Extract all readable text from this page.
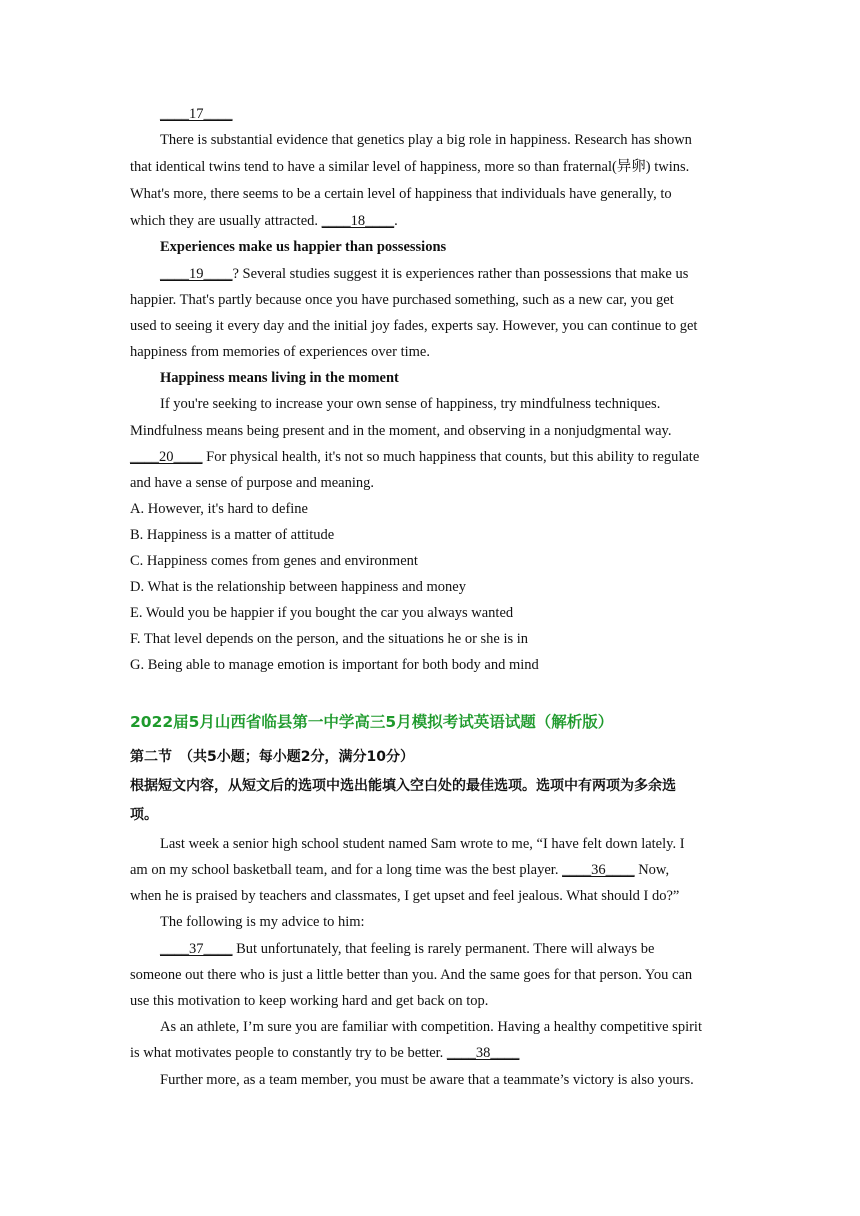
____17____
There is substantial evidence that genetics play a big role in happiness. Research has shown
that identical twins tend to have a similar level of happiness, more so than fraternal(异卵) twins.
What's more, there seems to be a certain level of happiness that individuals have generally, to
which they are usually attracted. ____18____.
Experiences make us happier than possessions
____19____? Several studies suggest it is experiences rather than possessions that make us
happier. That's partly because once you have purchased something, such as a new car, you get
used to seeing it every day and the initial joy fades, experts say. However, you can continue to get
happiness from memories of experiences over time.
Happiness means living in the moment
If you're seeking to increase your own sense of happiness, try mindfulness techniques.
Mindfulness means being present and in the moment, and observing in a nonjudgmental way.
____20____ For physical health, it's not so much happiness that counts, but this ability to regulate
and have a sense of purpose and meaning.
A. However, it's hard to define
B. Happiness is a matter of attitude
C. Happiness comes from genes and environment
D. What is the relationship between happiness and money
E. Would you be happier if you bought the car you always wanted
F. That level depends on the person, and the situations he or she is in
G. Being able to manage emotion is important for both body and mind
2022届5月山西省临县第一中学高三5月模拟考试英语试题（解析版）
第二节　（共5小题；每小题2分，满分10分）
根据短文内容，从短文后的选项中选出能填入空白处的最佳选项。选项中有两项为多余选
项。
Last week a senior high school student named Sam wrote to me, “I have felt down lately. I
am on my school basketball team, and for a long time was the best player. ____36____ Now,
when he is praised by teachers and classmates, I get upset and feel jealous. What should I do?”
The following is my advice to him:
____37____ But unfortunately, that feeling is rarely permanent. There will always be
someone out there who is just a little better than you. And the same goes for that person. You can
use this motivation to keep working hard and get back on top.
As an athlete, I’m sure you are familiar with competition. Having a healthy competitive spirit
is what motivates people to constantly try to be better. ____38____
Further more, as a team member, you must be aware that a teammate’s victory is also yours.
